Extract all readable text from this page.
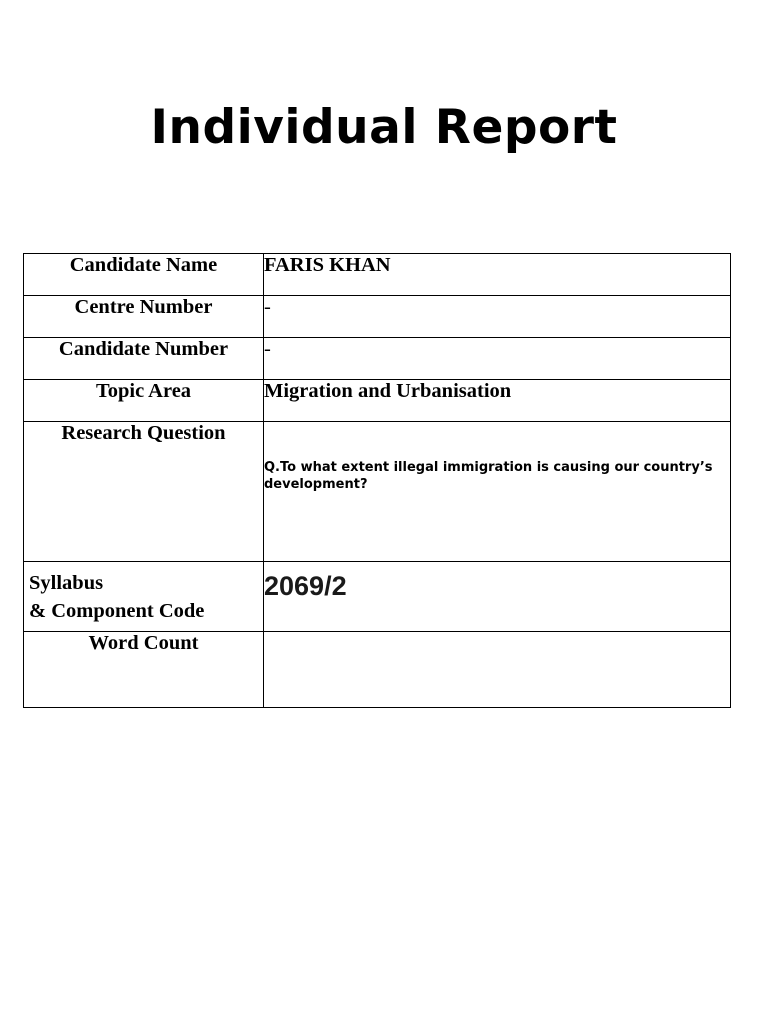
Individual Report
Candidate Name	FARIS KHAN
Centre Number	-
Candidate Number	-
Topic Area	Migration and Urbanisation
Research Question	Q.To what extent illegal immigration is causing our country’s development?

Syllabus
& Component Code	2069/2
Word Count	
